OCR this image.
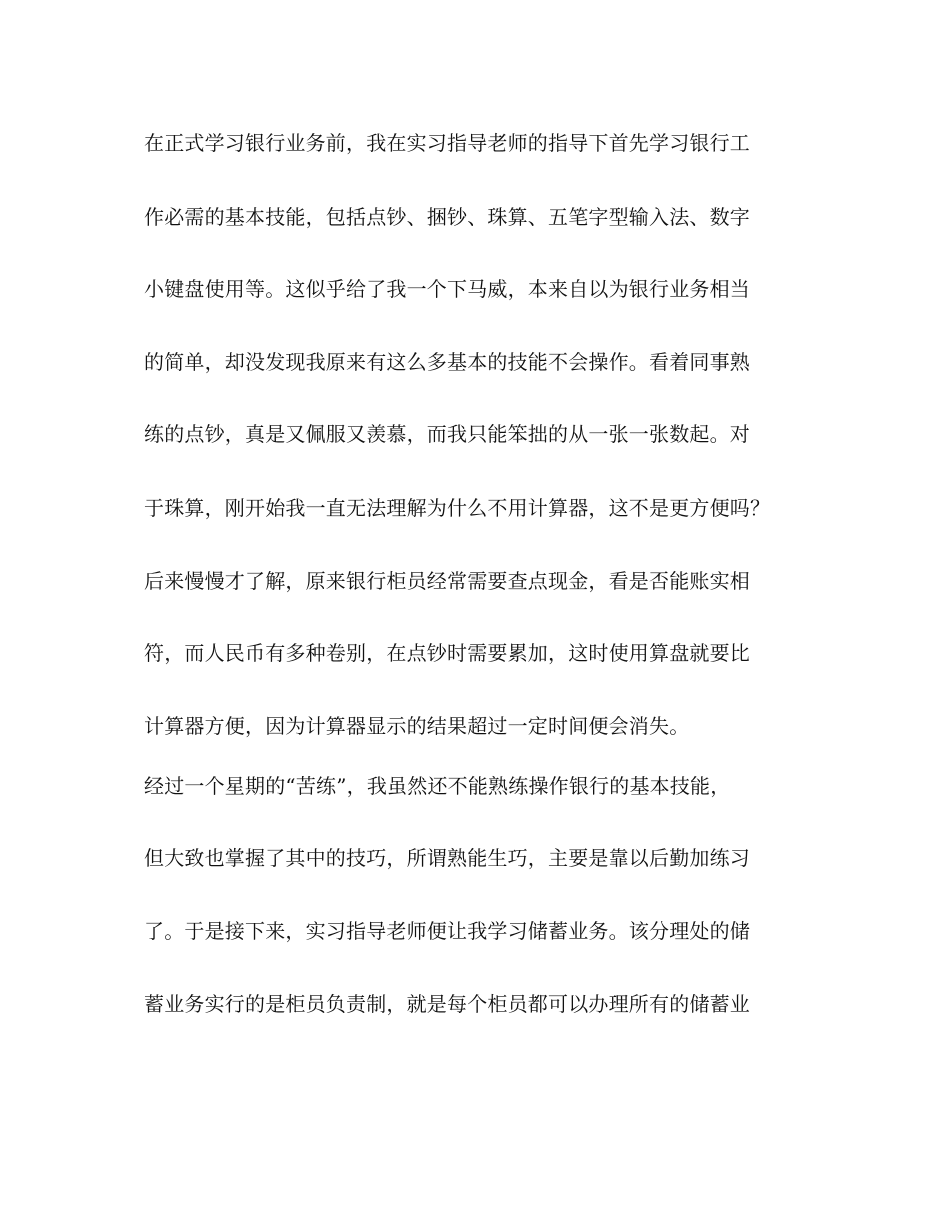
在正式学习银行业务前，我在实习指导老师的指导下首先学习银行工
作必需的基本技能，包括点钞、捆钞、珠算、五笔字型输入法、数字
小键盘使用等。这似乎给了我一个下马威，本来自以为银行业务相当
的简单，却没发现我原来有这么多基本的技能不会操作。看着同事熟
练的点钞，真是又佩服又羡慕，而我只能笨拙的从一张一张数起。对
于珠算，刚开始我一直无法理解为什么不用计算器，这不是更方便吗？
后来慢慢才了解，原来银行柜员经常需要查点现金，看是否能账实相
符，而人民币有多种卷别，在点钞时需要累加，这时使用算盘就要比
计算器方便，因为计算器显示的结果超过一定时间便会消失。
经过一个星期的“苦练”，我虽然还不能熟练操作银行的基本技能，
但大致也掌握了其中的技巧，所谓熟能生巧，主要是靠以后勤加练习
了。于是接下来，实习指导老师便让我学习储蓄业务。该分理处的储
蓄业务实行的是柜员负责制，就是每个柜员都可以办理所有的储蓄业
